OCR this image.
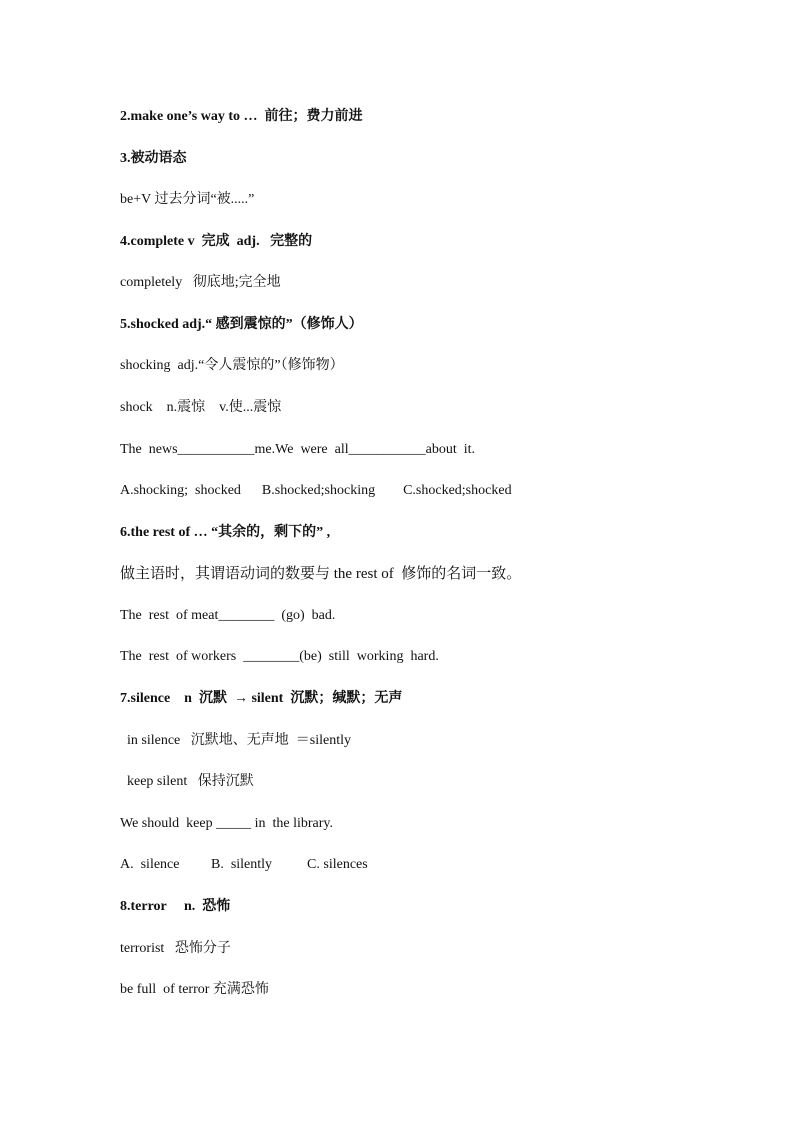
2.make one’s way to …  前往；费力前进
3.被动语态
be+V 过去分词“被.....”
4.complete v  完成  adj.   完整的
completely   彻底地;完全地
5.shocked adj.“ 感到震惊的”（修饰人）
shocking  adj.“令人震惊的”（修饰物）
shock    n.震惊    v.使...震惊
The  news___________me.We  were  all___________about  it.
A.shocking;  shocked      B.shocked;shocking        C.shocked;shocked
6.the rest of … “其余的，剩下的” ,
做主语时，其谓语动词的数要与 the rest of  修饰的名词一致。
The  rest  of meat________  (go)  bad.
The  rest  of workers  ________(be)  still  working  hard.
7.silence    n  沉默  → silent  沉默；缄默；无声
in silence   沉默地、无声地  ＝silently
keep silent   保持沉默
We should  keep _____ in  the library.
A.  silence         B.  silently          C. silences
8.terror     n.  恐怖
terrorist   恐怖分子
be full  of terror 充满恐怖
